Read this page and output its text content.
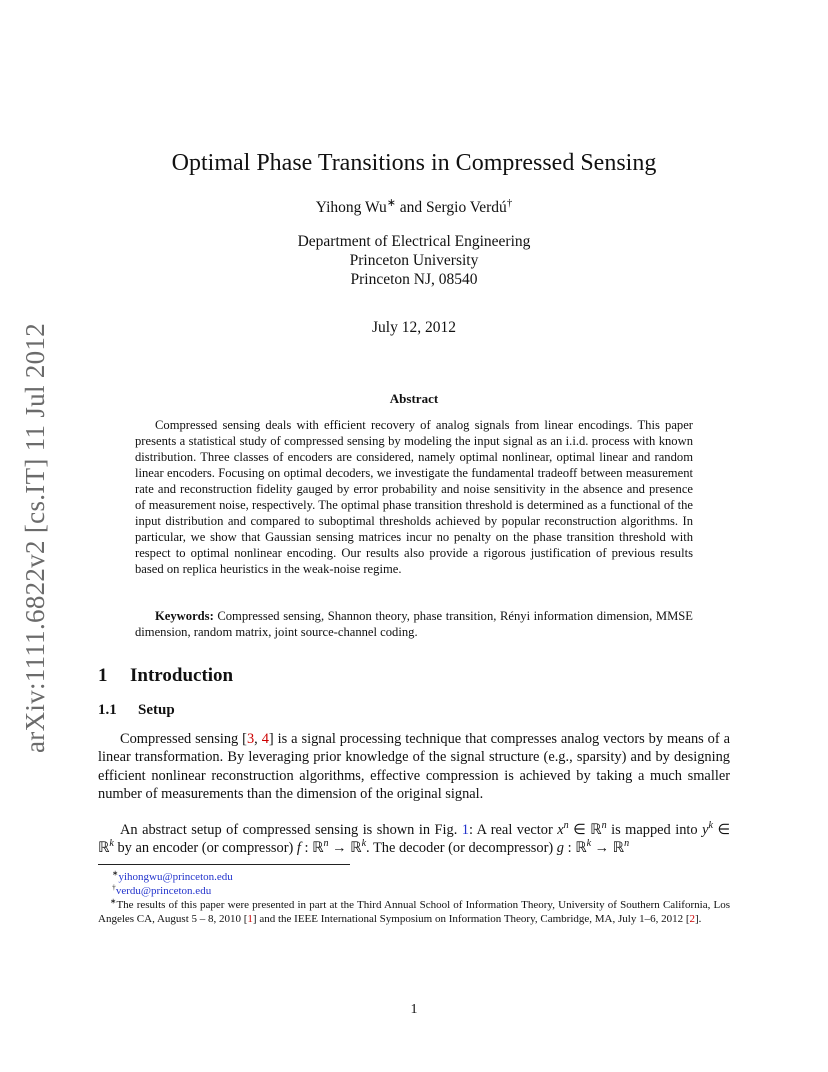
arXiv:1111.6822v2 [cs.IT] 11 Jul 2012
Optimal Phase Transitions in Compressed Sensing
Yihong Wu∗ and Sergio Verdú†
Department of Electrical Engineering
Princeton University
Princeton NJ, 08540
July 12, 2012
Abstract
Compressed sensing deals with efficient recovery of analog signals from linear encodings. This paper presents a statistical study of compressed sensing by modeling the input signal as an i.i.d. process with known distribution. Three classes of encoders are considered, namely optimal nonlinear, optimal linear and random linear encoders. Focusing on optimal decoders, we investigate the fundamental tradeoff between measurement rate and reconstruction fidelity gauged by error probability and noise sensitivity in the absence and presence of measurement noise, respectively. The optimal phase transition threshold is determined as a functional of the input distribution and compared to suboptimal thresholds achieved by popular reconstruction algorithms. In particular, we show that Gaussian sensing matrices incur no penalty on the phase transition threshold with respect to optimal nonlinear encoding. Our results also provide a rigorous justification of previous results based on replica heuristics in the weak-noise regime.
Keywords: Compressed sensing, Shannon theory, phase transition, Rényi information dimension, MMSE dimension, random matrix, joint source-channel coding.
1 Introduction
1.1 Setup
Compressed sensing [3, 4] is a signal processing technique that compresses analog vectors by means of a linear transformation. By leveraging prior knowledge of the signal structure (e.g., sparsity) and by designing efficient nonlinear reconstruction algorithms, effective compression is achieved by taking a much smaller number of measurements than the dimension of the original signal.
An abstract setup of compressed sensing is shown in Fig. 1: A real vector $x^n$ ∈ ℝ$^n$ is mapped into $y^k$ ∈ ℝ$^k$ by an encoder (or compressor) f : ℝ$^n$ → ℝ$^k$. The decoder (or decompressor) g : ℝ$^k$ → ℝ$^n$
∗yihongwu@princeton.edu
†verdu@princeton.edu
∗The results of this paper were presented in part at the Third Annual School of Information Theory, University of Southern California, Los Angeles CA, August 5 – 8, 2010 [1] and the IEEE International Symposium on Information Theory, Cambridge, MA, July 1–6, 2012 [2].
1
